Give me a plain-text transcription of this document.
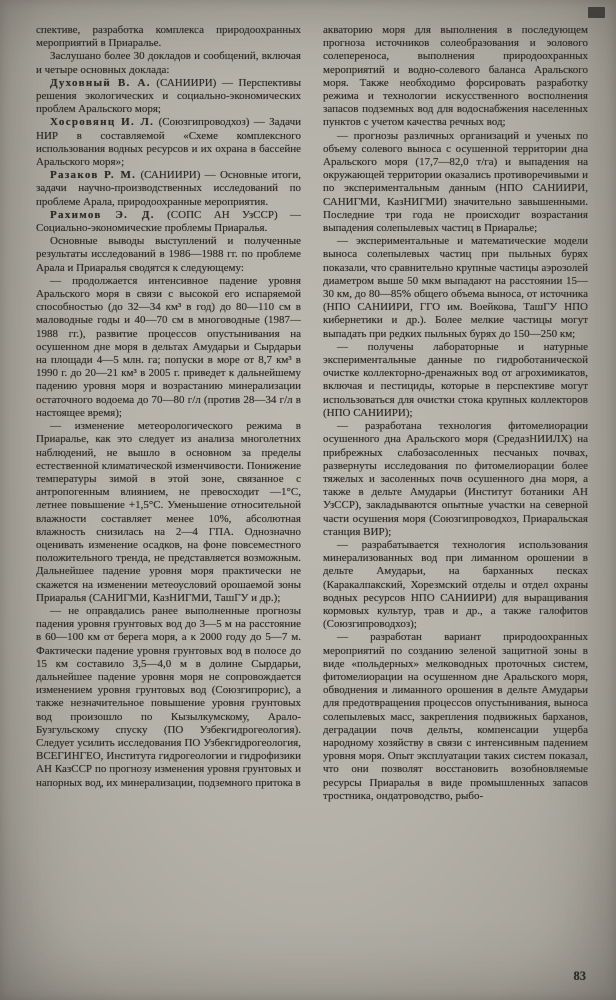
спективе, разработка комплекса природоохранных мероприятий в Приаралье.

Заслушано более 30 докладов и сообщений, включая и четыре основных доклада:

Духовный В. А. (САНИИРИ) — Перспективы решения экологических и социально-экономических проблем Аральского моря;

Хосровянц И. Л. (Союзгипроводхоз) — Задачи НИР в составляемой «Схеме комплексного использования водных ресурсов и их охрана в бассейне Аральского моря»;

Разаков Р. М. (САНИИРИ) — Основные итоги, задачи научно-производственных исследований по проблеме Арала, природоохранные мероприятия.

Рахимов Э. Д. (СОПС АН УзССР) — Социально-экономические проблемы Приаралья.

Основные выводы выступлений и полученные результаты исследований в 1986—1988 гг. по проблеме Арала и Приаралья сводятся к следующему:

— продолжается интенсивное падение уровня Аральского моря в связи с высокой его испаряемой способностью (до 32—34 км³ в год) до 80—110 см в маловодные годы и 40—70 см в многоводные (1987—1988 гг.), развитие процессов опустынивания на осушенном дне моря в дельтах Амударьи и Сырдарьи на площади 4—5 млн. га; попуски в море от 8,7 км³ в 1990 г. до 20—21 км³ в 2005 г. приведет к дальнейшему падению уровня моря и возрастанию минерализации остаточного водоема до 70—80 г/л (против 28—34 г/л в настоящее время);

— изменение метеорологического режима в Приаралье, как это следует из анализа многолетних наблюдений, не вышло в основном за пределы естественной климатической изменчивости. Понижение температуры зимой в этой зоне, связанное с антропогенным влиянием, не превосходит —1°С, летнее повышение +1,5°С. Уменьшение относительной влажности составляет менее 10%, абсолютная влажность снизилась на 2—4 ГПА. Однозначно оценивать изменение осадков, на фоне повсеместного положительного тренда, не представляется возможным. Дальнейшее падение уровня моря практически не скажется на изменении метеоусловий орошаемой зоны Приаралья (САНИГМИ, КазНИГМИ, ТашГУ и др.);

— не оправдались ранее выполненные прогнозы падения уровня грунтовых вод до 3—5 м на расстояние в 60—100 км от берега моря, а к 2000 году до 5—7 м. Фактически падение уровня грунтовых вод в полосе до 15 км составило 3,5—4,0 м в долине Сырдарьи, дальнейшее падение уровня моря не сопровождается изменением уровня грунтовых вод (Союзгипрорис), а также незначительное повышение уровня грунтовых вод произошло по Кызылкумскому, Арало-Бузгульскому спуску (ПО Узбекгидрогеология). Следует усилить исследования ПО Узбекгидрогеология, ВСЕГИНГЕО, Института гидрогеологии и гидрофизики АН КазССР по прогнозу изменения уровня грунтовых и напорных вод, их минерализации, подземного притока в

акваторию моря для выполнения в последующем прогноза источников солеобразования и эолового солепереноса, выполнения природоохранных мероприятий и водно-солевого баланса Аральского моря. Также необходимо форсировать разработку режима и технологии искусственного восполнения запасов подземных вод для водоснабжения населенных пунктов с учетом качества речных вод;

— прогнозы различных организаций и ученых по объему солевого выноса с осушенной территории дна Аральского моря (17,7—82,0 т/га) и выпадения на окружающей территории оказались противоречивыми и по экспериментальным данным (НПО САНИИРИ, САНИГМИ, КазНИГМИ) значительно завышенными. Последние три года не происходит возрастания выпадения солепылевых частиц в Приаралье;

— экспериментальные и математические модели выноса солепылевых частиц при пыльных бурях показали, что сравнительно крупные частицы аэрозолей диаметром выше 50 мкм выпадают на расстоянии 15—30 км, до 80—85% общего объема выноса, от источника (НПО САНИИРИ, ГГО им. Воейкова, ТашГУ НПО кибернетики и др.). Более мелкие частицы могут выпадать при редких пыльных бурях до 150—250 км;

— получены лабораторные и натурные экспериментальные данные по гидроботанической очистке коллекторно-дренажных вод от агрохимикатов, включая и пестициды, которые в перспективе могут использоваться для очистки стока крупных коллекторов (НПО САНИИРИ);

— разработана технология фитомелиорации осушенного дна Аральского моря (СредазНИИЛХ) на прибрежных слабозасоленных песчаных почвах, развернуты исследования по фитомелиорации более тяжелых и засоленных почв осушенного дна моря, а также в дельте Амударьи (Институт ботаники АН УзССР), закладываются опытные участки на северной части осушения моря (Союзгипроводхоз, Приаральская станция ВИР);

— разрабатывается технология использования минерализованных вод при лиманном орошении в дельте Амударьи, на барханных песках (Каракалпакский, Хорезмский отделы и отдел охраны водных ресурсов НПО САНИИРИ) для выращивания кормовых культур, трав и др., а также галофитов (Союзгипроводхоз);

— разработан вариант природоохранных мероприятий по созданию зеленой защитной зоны в виде «польдерных» мелководных проточных систем, фитомелиорации на осушенном дне Аральского моря, обводнения и лиманного орошения в дельте Амударьи для предотвращения процессов опустынивания, выноса солепылевых масс, закрепления подвижных барханов, деградации почв дельты, компенсации ущерба народному хозяйству в связи с интенсивным падением уровня моря. Опыт эксплуатации таких систем показал, что они позволят восстановить возобновляемые ресурсы Приаралья в виде промышленных запасов тростника, ондатроводство, рыбо-

83
